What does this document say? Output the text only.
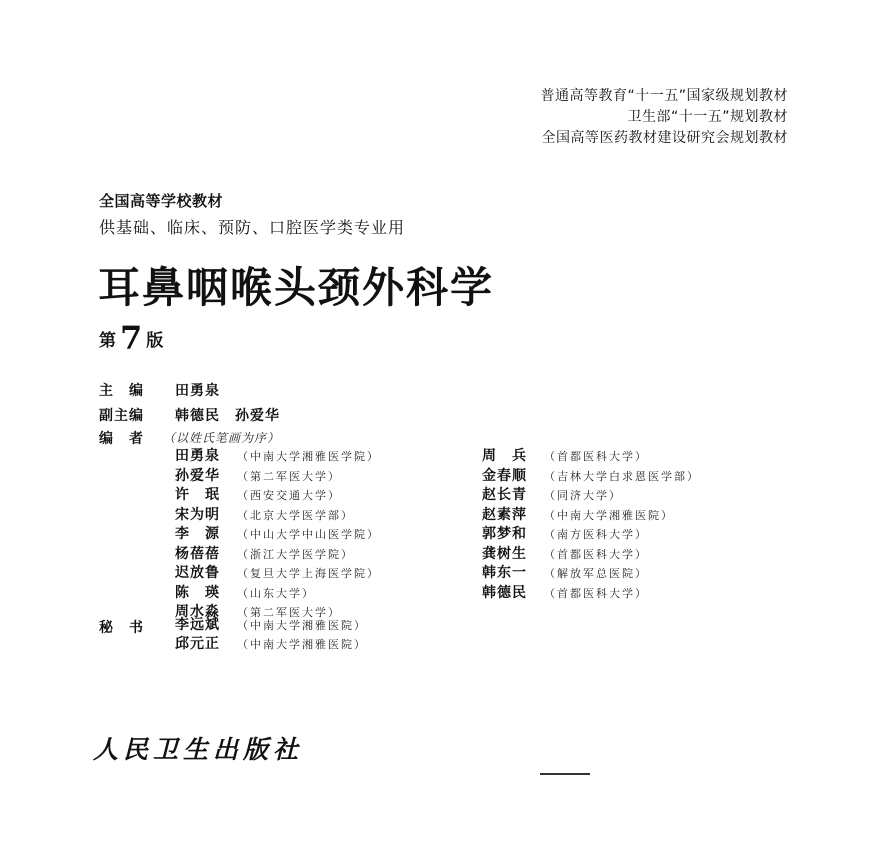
普通高等教育“十一五”国家级规划教材
卫生部“十一五”规划教材
全国高等医药教材建设研究会规划教材
全国高等学校教材
供基础、临床、预防、口腔医学类专业用
耳鼻咽喉头颈外科学
第 7 版
主　编 田勇泉
副主编 韩德民　孙爱华
编　者 （以姓氏笔画为序）
田勇泉 （中南大学湘雅医学院）
孙爱华 （第二军医大学）
许　珉 （西安交通大学）
宋为明 （北京大学医学部）
李　源 （中山大学中山医学院）
杨蓓蓓 （浙江大学医学院）
迟放鲁 （复旦大学上海医学院）
陈　瑛 （山东大学）
周水淼 （第二军医大学）
周　兵 （首都医科大学）
金春顺 （吉林大学白求恩医学部）
赵长青 （同济大学）
赵素萍 （中南大学湘雅医院）
郭梦和 （南方医科大学）
龚树生 （首都医科大学）
韩东一 （解放军总医院）
韩德民 （首都医科大学）
秘　书 李远斌 （中南大学湘雅医院）
邱元正 （中南大学湘雅医院）
人民卫生出版社
